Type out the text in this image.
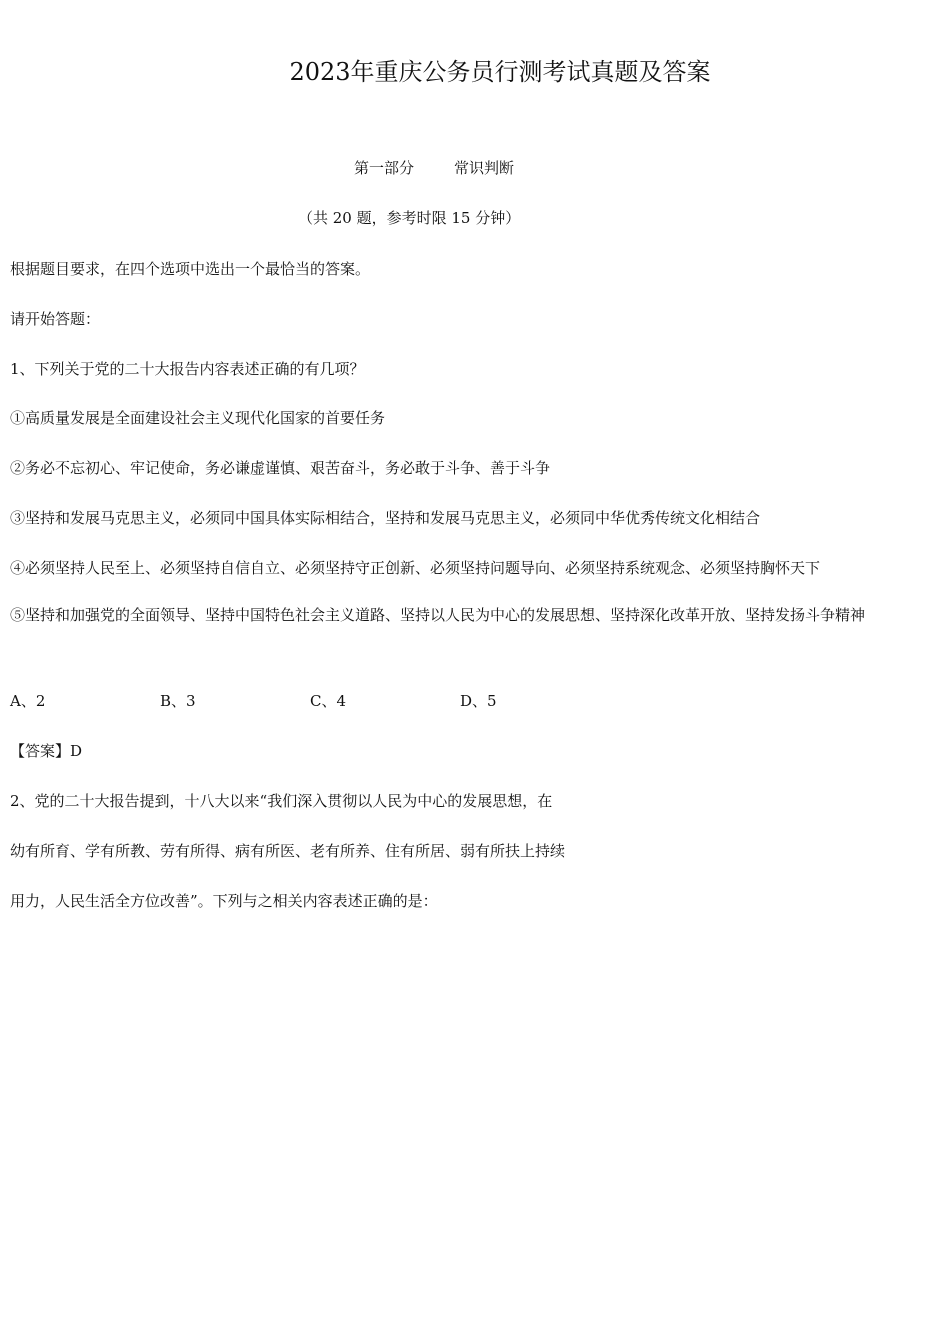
2023年重庆公务员行测考试真题及答案
第一部分	常识判断
（共 20 题，参考时限 15 分钟）
根据题目要求，在四个选项中选出一个最恰当的答案。
请开始答题：
1、下列关于党的二十大报告内容表述正确的有几项？
①高质量发展是全面建设社会主义现代化国家的首要任务
②务必不忘初心、牢记使命，务必谦虚谨慎、艰苦奋斗，务必敢于斗争、善于斗争
③坚持和发展马克思主义，必须同中国具体实际相结合，坚持和发展马克思主义，必须同中华优秀传统文化相结合
④必须坚持人民至上、必须坚持自信自立、必须坚持守正创新、必须坚持问题导向、必须坚持系统观念、必须坚持胸怀天下
⑤坚持和加强党的全面领导、坚持中国特色社会主义道路、坚持以人民为中心的发展思想、坚持深化改革开放、坚持发扬斗争精神
A、2	B、3	C、4	D、5
【答案】D
2、党的二十大报告提到，十八大以来“我们深入贯彻以人民为中心的发展思想，在
幼有所育、学有所教、劳有所得、病有所医、老有所养、住有所居、弱有所扶上持续
用力，人民生活全方位改善”。下列与之相关内容表述正确的是：
